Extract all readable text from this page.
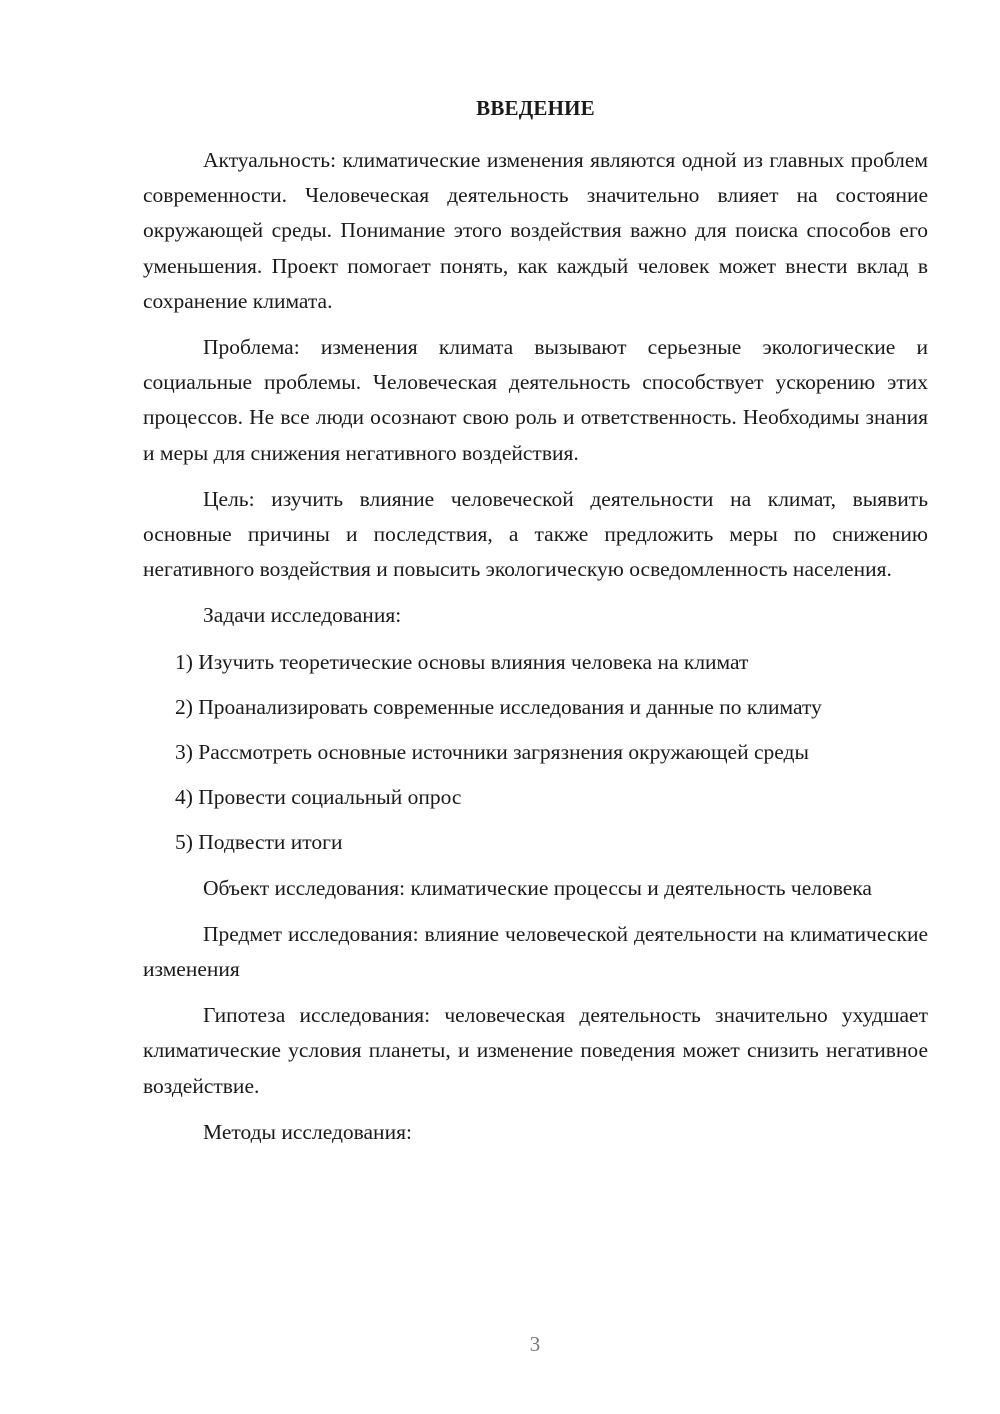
ВВЕДЕНИЕ

Актуальность: климатические изменения являются одной из главных проблем современности. Человеческая деятельность значительно влияет на состояние окружающей среды. Понимание этого воздействия важно для поиска способов его уменьшения. Проект помогает понять, как каждый человек может внести вклад в сохранение климата.

Проблема: изменения климата вызывают серьезные экологические и социальные проблемы. Человеческая деятельность способствует ускорению этих процессов. Не все люди осознают свою роль и ответственность. Необходимы знания и меры для снижения негативного воздействия.

Цель: изучить влияние человеческой деятельности на климат, выявить основные причины и последствия, а также предложить меры по снижению негативного воздействия и повысить экологическую осведомленность населения.

Задачи исследования:

1) Изучить теоретические основы влияния человека на климат
2) Проанализировать современные исследования и данные по климату
3) Рассмотреть основные источники загрязнения окружающей среды
4) Провести социальный опрос
5) Подвести итоги

Объект исследования: климатические процессы и деятельность человека

Предмет исследования: влияние человеческой деятельности на климатические изменения

Гипотеза исследования: человеческая деятельность значительно ухудшает климатические условия планеты, и изменение поведения может снизить негативное воздействие.

Методы исследования:

3
